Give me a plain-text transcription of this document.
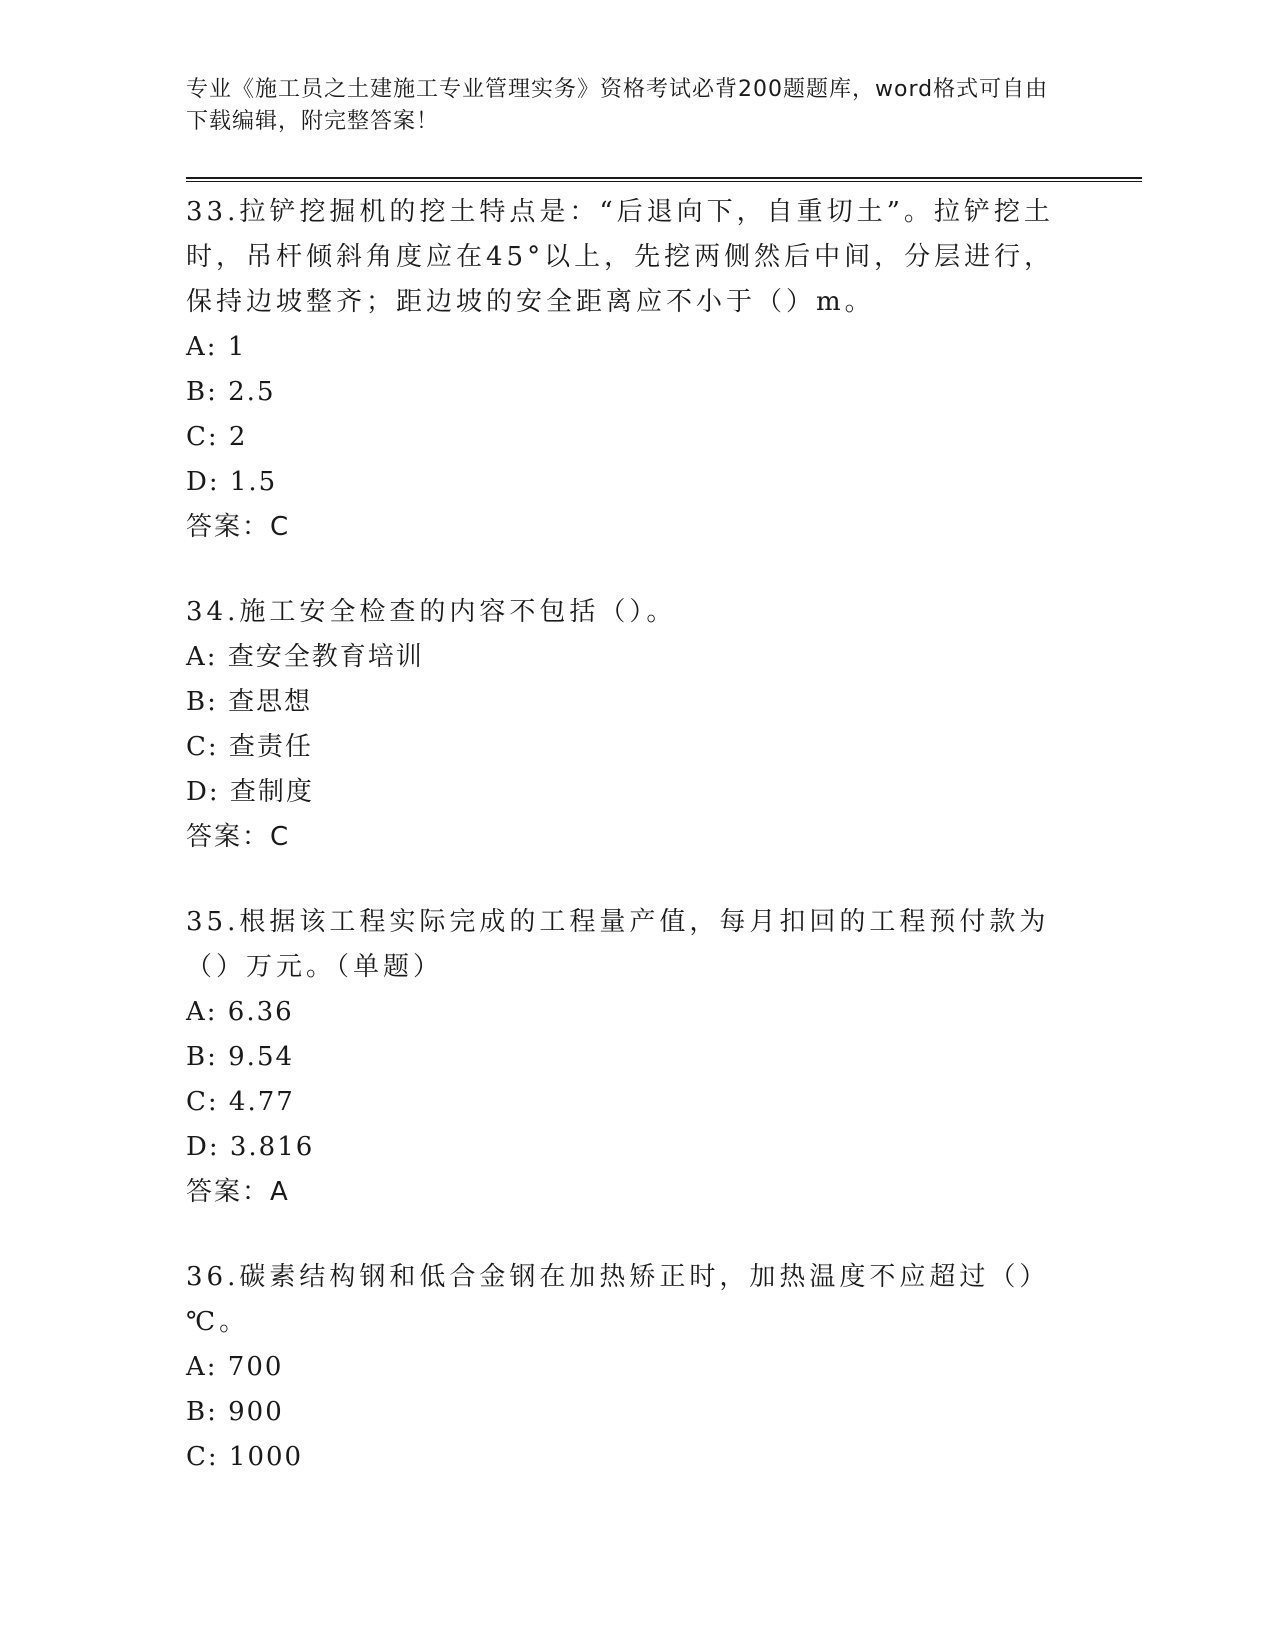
专业《施工员之土建施工专业管理实务》资格考试必背200题题库，word格式可自由下载编辑，附完整答案！

33.拉铲挖掘机的挖土特点是：“后退向下，自重切土”。拉铲挖土时，吊杆倾斜角度应在45°以上，先挖两侧然后中间，分层进行，保持边坡整齐；距边坡的安全距离应不小于（）m。

A: 1

B: 2.5

C: 2

D: 1.5

答案：C

34.施工安全检查的内容不包括（）。

A: 查安全教育培训

B: 查思想

C: 查责任

D: 查制度

答案：C

35.根据该工程实际完成的工程量产值，每月扣回的工程预付款为（）万元。（单题）

A: 6.36

B: 9.54

C: 4.77

D: 3.816

答案：A

36.碳素结构钢和低合金钢在加热矫正时，加热温度不应超过（）℃。

A: 700

B: 900

C: 1000
